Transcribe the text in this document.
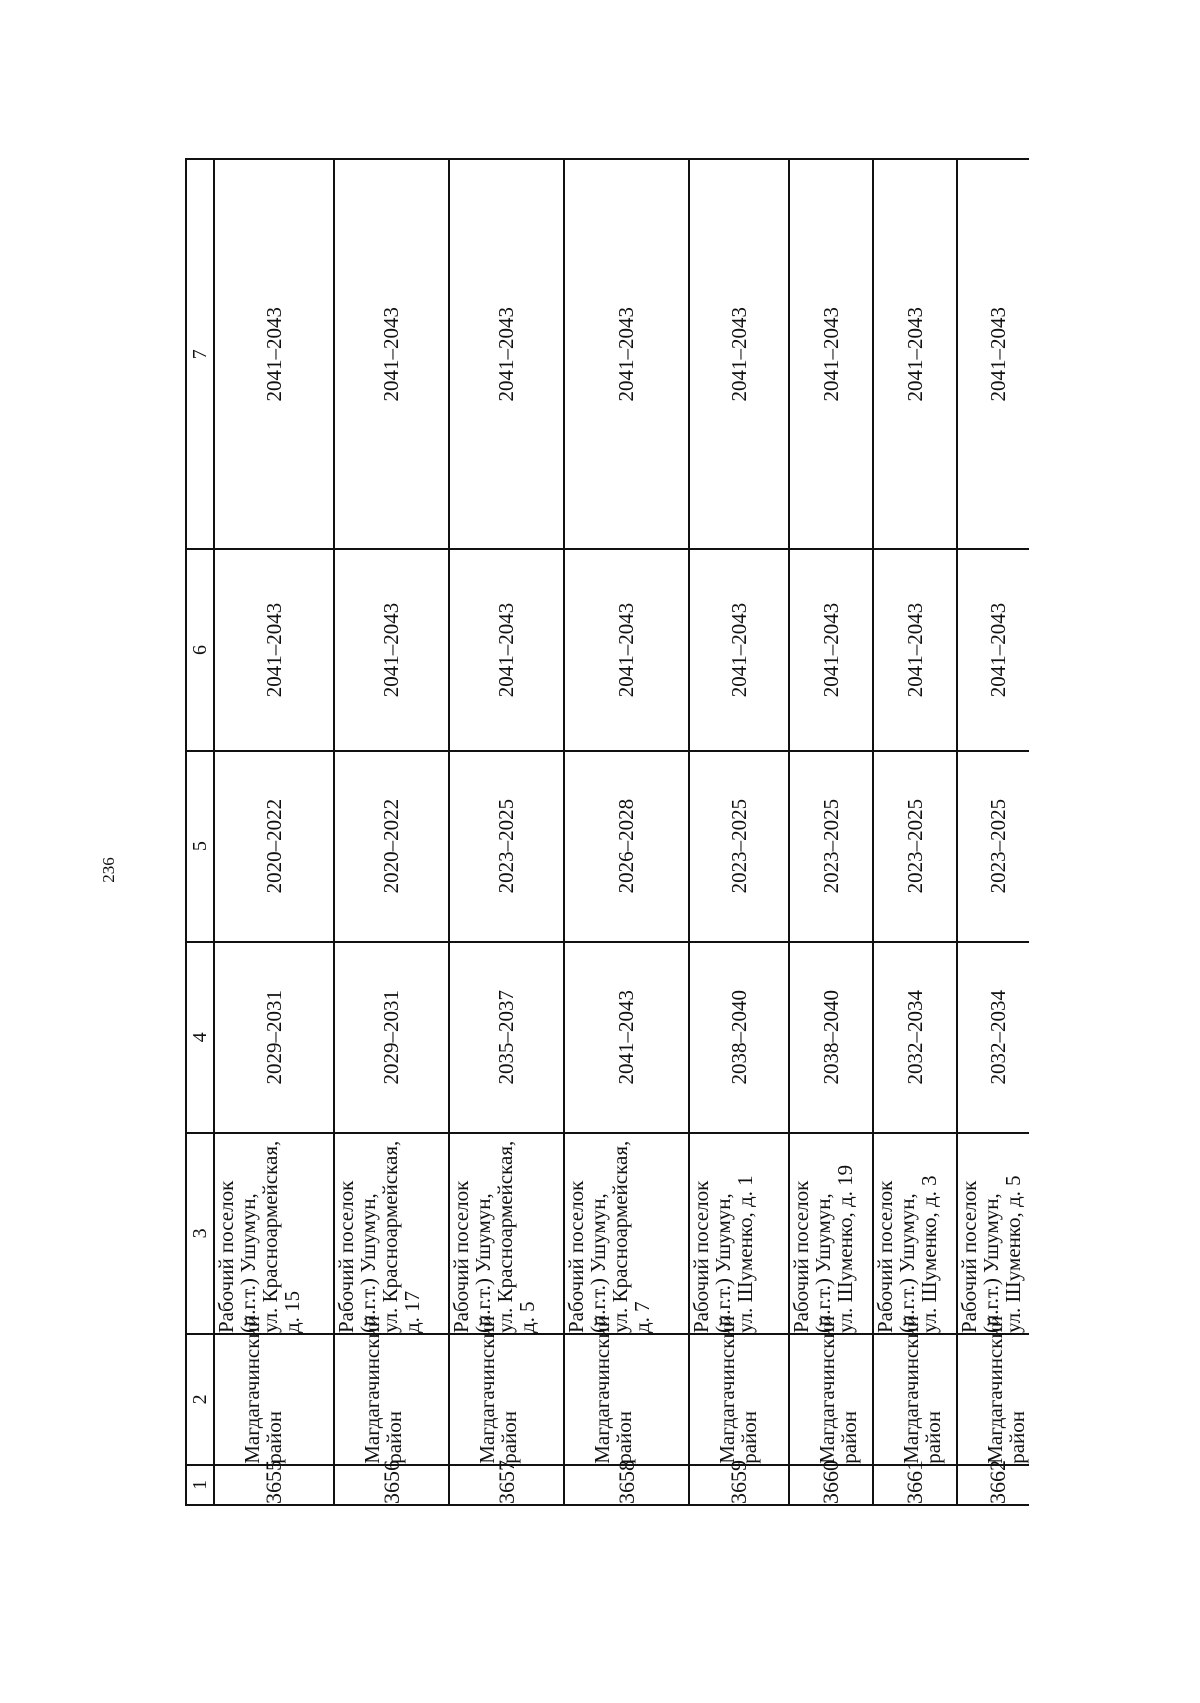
236
1	2	3	4	5	6	7
3655	Магдагачинский район	Рабочий поселок
(п.г.т.) Ушумун,
ул. Красноармейская,
д. 15	2029–2031	2020–2022	2041–2043	2041–2043
3656	Магдагачинский район	Рабочий поселок
(п.г.т.) Ушумун,
ул. Красноармейская,
д. 17	2029–2031	2020–2022	2041–2043	2041–2043
3657	Магдагачинский район	Рабочий поселок
(п.г.т.) Ушумун,
ул. Красноармейская,
д. 5	2035–2037	2023–2025	2041–2043	2041–2043
3658	Магдагачинский район	Рабочий поселок
(п.г.т.) Ушумун,
ул. Красноармейская,
д. 7	2041–2043	2026–2028	2041–2043	2041–2043
3659	Магдагачинский район	Рабочий поселок
(п.г.т.) Ушумун,
ул. Шуменко, д. 1	2038–2040	2023–2025	2041–2043	2041–2043
3660	Магдагачинский район	Рабочий поселок
(п.г.т.) Ушумун,
ул. Шуменко, д. 19	2038–2040	2023–2025	2041–2043	2041–2043
3661	Магдагачинский район	Рабочий поселок
(п.г.т.) Ушумун,
ул. Шуменко, д. 3	2032–2034	2023–2025	2041–2043	2041–2043
3662	Магдагачинский район	Рабочий поселок
(п.г.т.) Ушумун,
ул. Шуменко, д. 5	2032–2034	2023–2025	2041–2043	2041–2043
